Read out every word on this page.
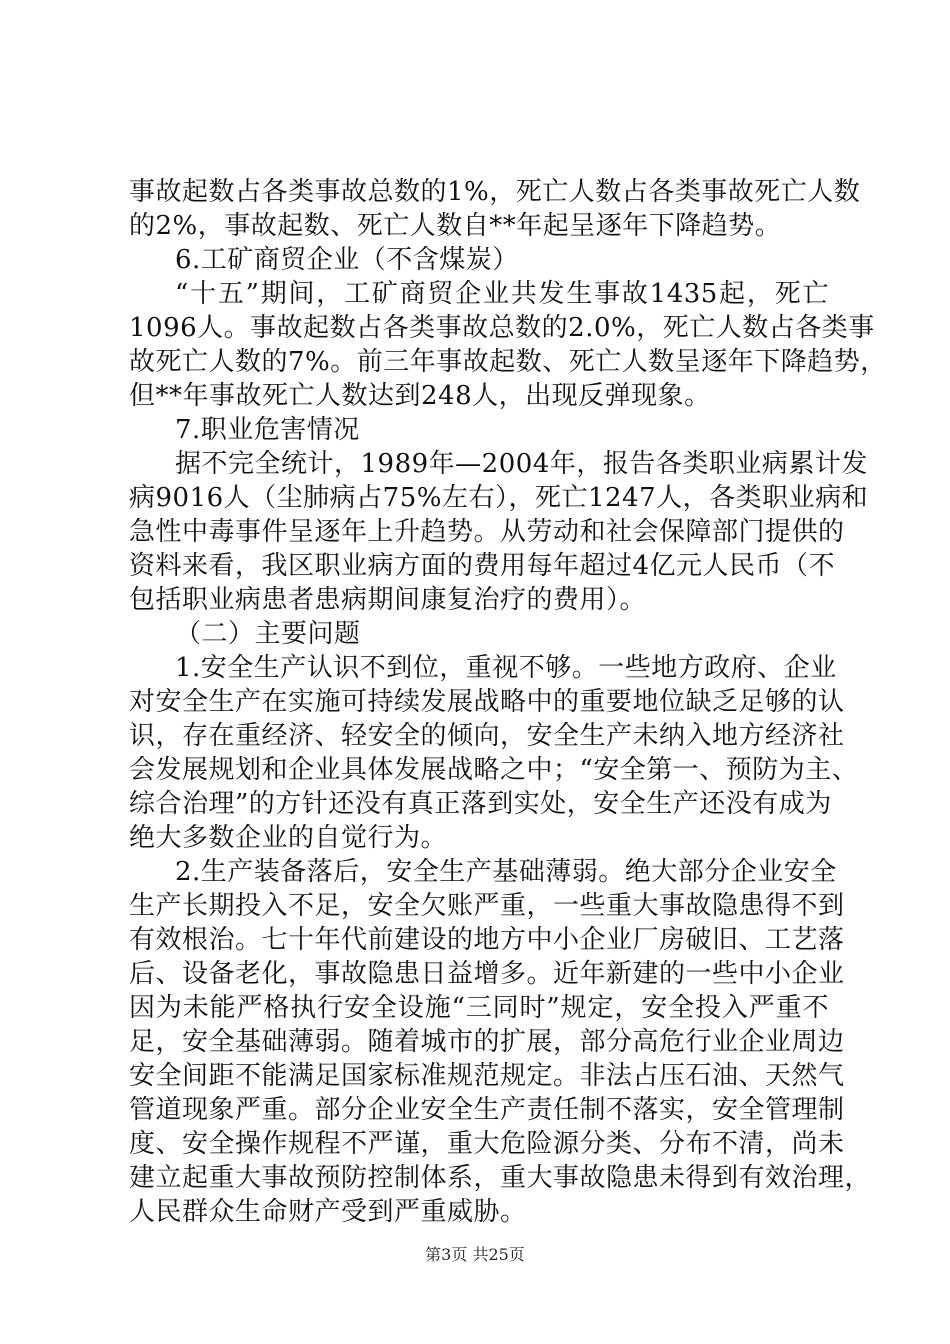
事故起数占各类事故总数的1%，死亡人数占各类事故死亡人数
的2%，事故起数、死亡人数自**年起呈逐年下降趋势。
6.工矿商贸企业（不含煤炭）
“十五”期间，工矿商贸企业共发生事故1435起，死亡
1096人。事故起数占各类事故总数的2.0%，死亡人数占各类事
故死亡人数的7%。前三年事故起数、死亡人数呈逐年下降趋势，
但**年事故死亡人数达到248人，出现反弹现象。
7.职业危害情况
据不完全统计，1989年—2004年，报告各类职业病累计发
病9016人（尘肺病占75%左右），死亡1247人，各类职业病和
急性中毒事件呈逐年上升趋势。从劳动和社会保障部门提供的
资料来看，我区职业病方面的费用每年超过4亿元人民币（不
包括职业病患者患病期间康复治疗的费用）。
（二）主要问题
1.安全生产认识不到位，重视不够。一些地方政府、企业
对安全生产在实施可持续发展战略中的重要地位缺乏足够的认
识，存在重经济、轻安全的倾向，安全生产未纳入地方经济社
会发展规划和企业具体发展战略之中；“安全第一、预防为主、
综合治理”的方针还没有真正落到实处，安全生产还没有成为
绝大多数企业的自觉行为。
2.生产装备落后，安全生产基础薄弱。绝大部分企业安全
生产长期投入不足，安全欠账严重，一些重大事故隐患得不到
有效根治。七十年代前建设的地方中小企业厂房破旧、工艺落
后、设备老化，事故隐患日益增多。近年新建的一些中小企业
因为未能严格执行安全设施“三同时”规定，安全投入严重不
足，安全基础薄弱。随着城市的扩展，部分高危行业企业周边
安全间距不能满足国家标准规范规定。非法占压石油、天然气
管道现象严重。部分企业安全生产责任制不落实，安全管理制
度、安全操作规程不严谨，重大危险源分类、分布不清，尚未
建立起重大事故预防控制体系，重大事故隐患未得到有效治理，
人民群众生命财产受到严重威胁。
第3页 共25页
